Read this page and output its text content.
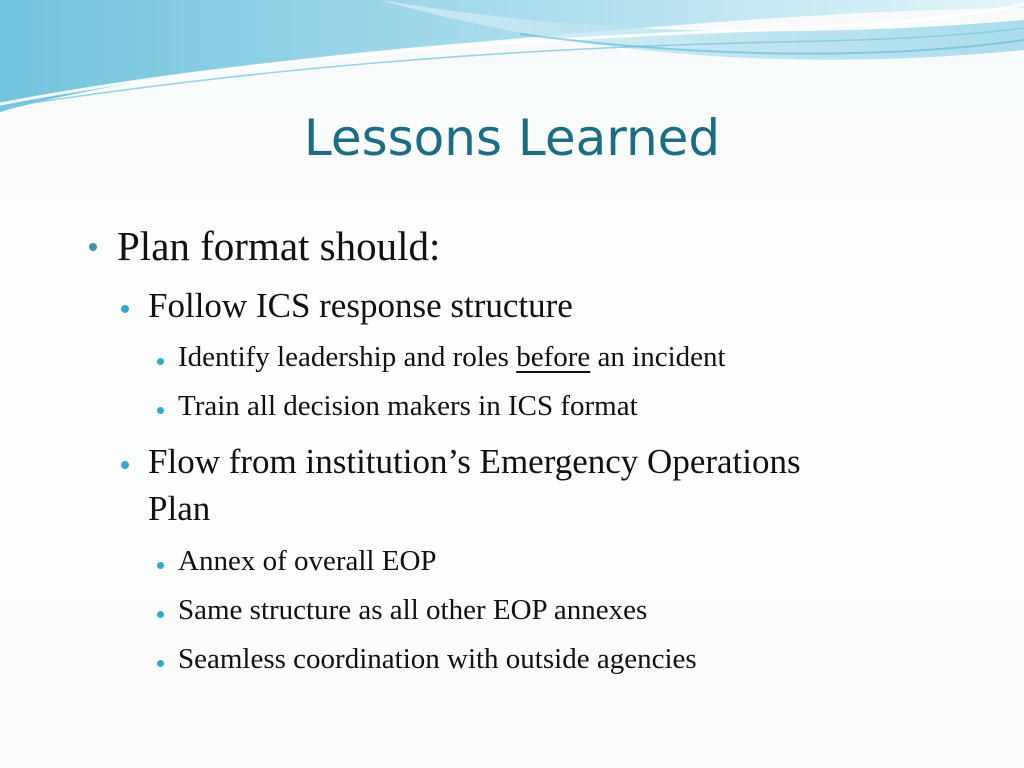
Lessons Learned
Plan format should:
Follow ICS response structure
Identify leadership and roles before an incident
Train all decision makers in ICS format
Flow from institution’s Emergency Operations
Plan
Annex of overall EOP
Same structure as all other EOP annexes
Seamless coordination with outside agencies
